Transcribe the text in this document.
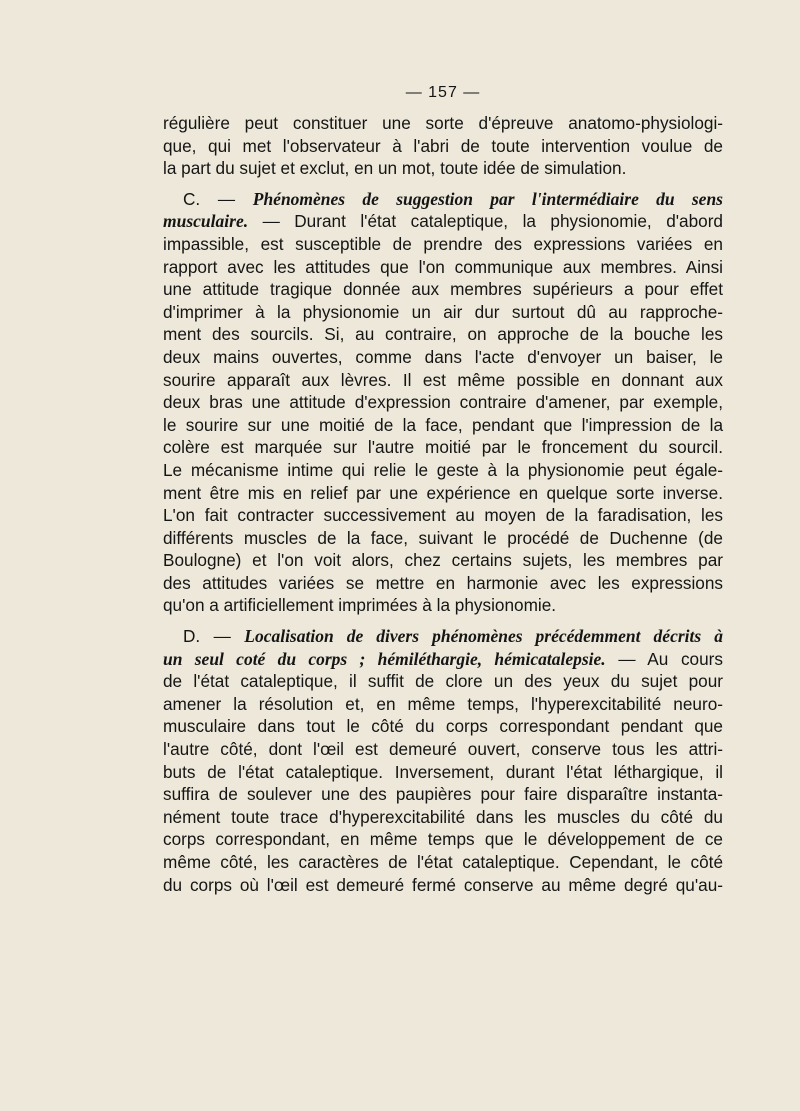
— 157 —
régulière peut constituer une sorte d'épreuve anatomo-physiologi-
que, qui met l'observateur à l'abri de toute intervention voulue de
la part du sujet et exclut, en un mot, toute idée de simulation.
C. — Phénomènes de suggestion par l'intermédiaire du sens
musculaire. — Durant l'état cataleptique, la physionomie, d'abord
impassible, est susceptible de prendre des expressions variées en
rapport avec les attitudes que l'on communique aux membres. Ainsi
une attitude tragique donnée aux membres supérieurs a pour effet
d'imprimer à la physionomie un air dur surtout dû au rapproche-
ment des sourcils. Si, au contraire, on approche de la bouche les
deux mains ouvertes, comme dans l'acte d'envoyer un baiser, le
sourire apparaît aux lèvres. Il est même possible en donnant aux
deux bras une attitude d'expression contraire d'amener, par exemple,
le sourire sur une moitié de la face, pendant que l'impression de la
colère est marquée sur l'autre moitié par le froncement du sourcil.
Le mécanisme intime qui relie le geste à la physionomie peut égale-
ment être mis en relief par une expérience en quelque sorte inverse.
L'on fait contracter successivement au moyen de la faradisation, les
différents muscles de la face, suivant le procédé de Duchenne (de
Boulogne) et l'on voit alors, chez certains sujets, les membres par
des attitudes variées se mettre en harmonie avec les expressions
qu'on a artificiellement imprimées à la physionomie.
D. — Localisation de divers phénomènes précédemment décrits à
un seul coté du corps ; hémiléthargie, hémicatalepsie. — Au cours
de l'état cataleptique, il suffit de clore un des yeux du sujet pour
amener la résolution et, en même temps, l'hyperexcitabilité neuro-
musculaire dans tout le côté du corps correspondant pendant que
l'autre côté, dont l'œil est demeuré ouvert, conserve tous les attri-
buts de l'état cataleptique. Inversement, durant l'état léthargique, il
suffira de soulever une des paupières pour faire disparaître instanta-
nément toute trace d'hyperexcitabilité dans les muscles du côté du
corps correspondant, en même temps que le développement de ce
même côté, les caractères de l'état cataleptique. Cependant, le côté
du corps où l'œil est demeuré fermé conserve au même degré qu'au-
